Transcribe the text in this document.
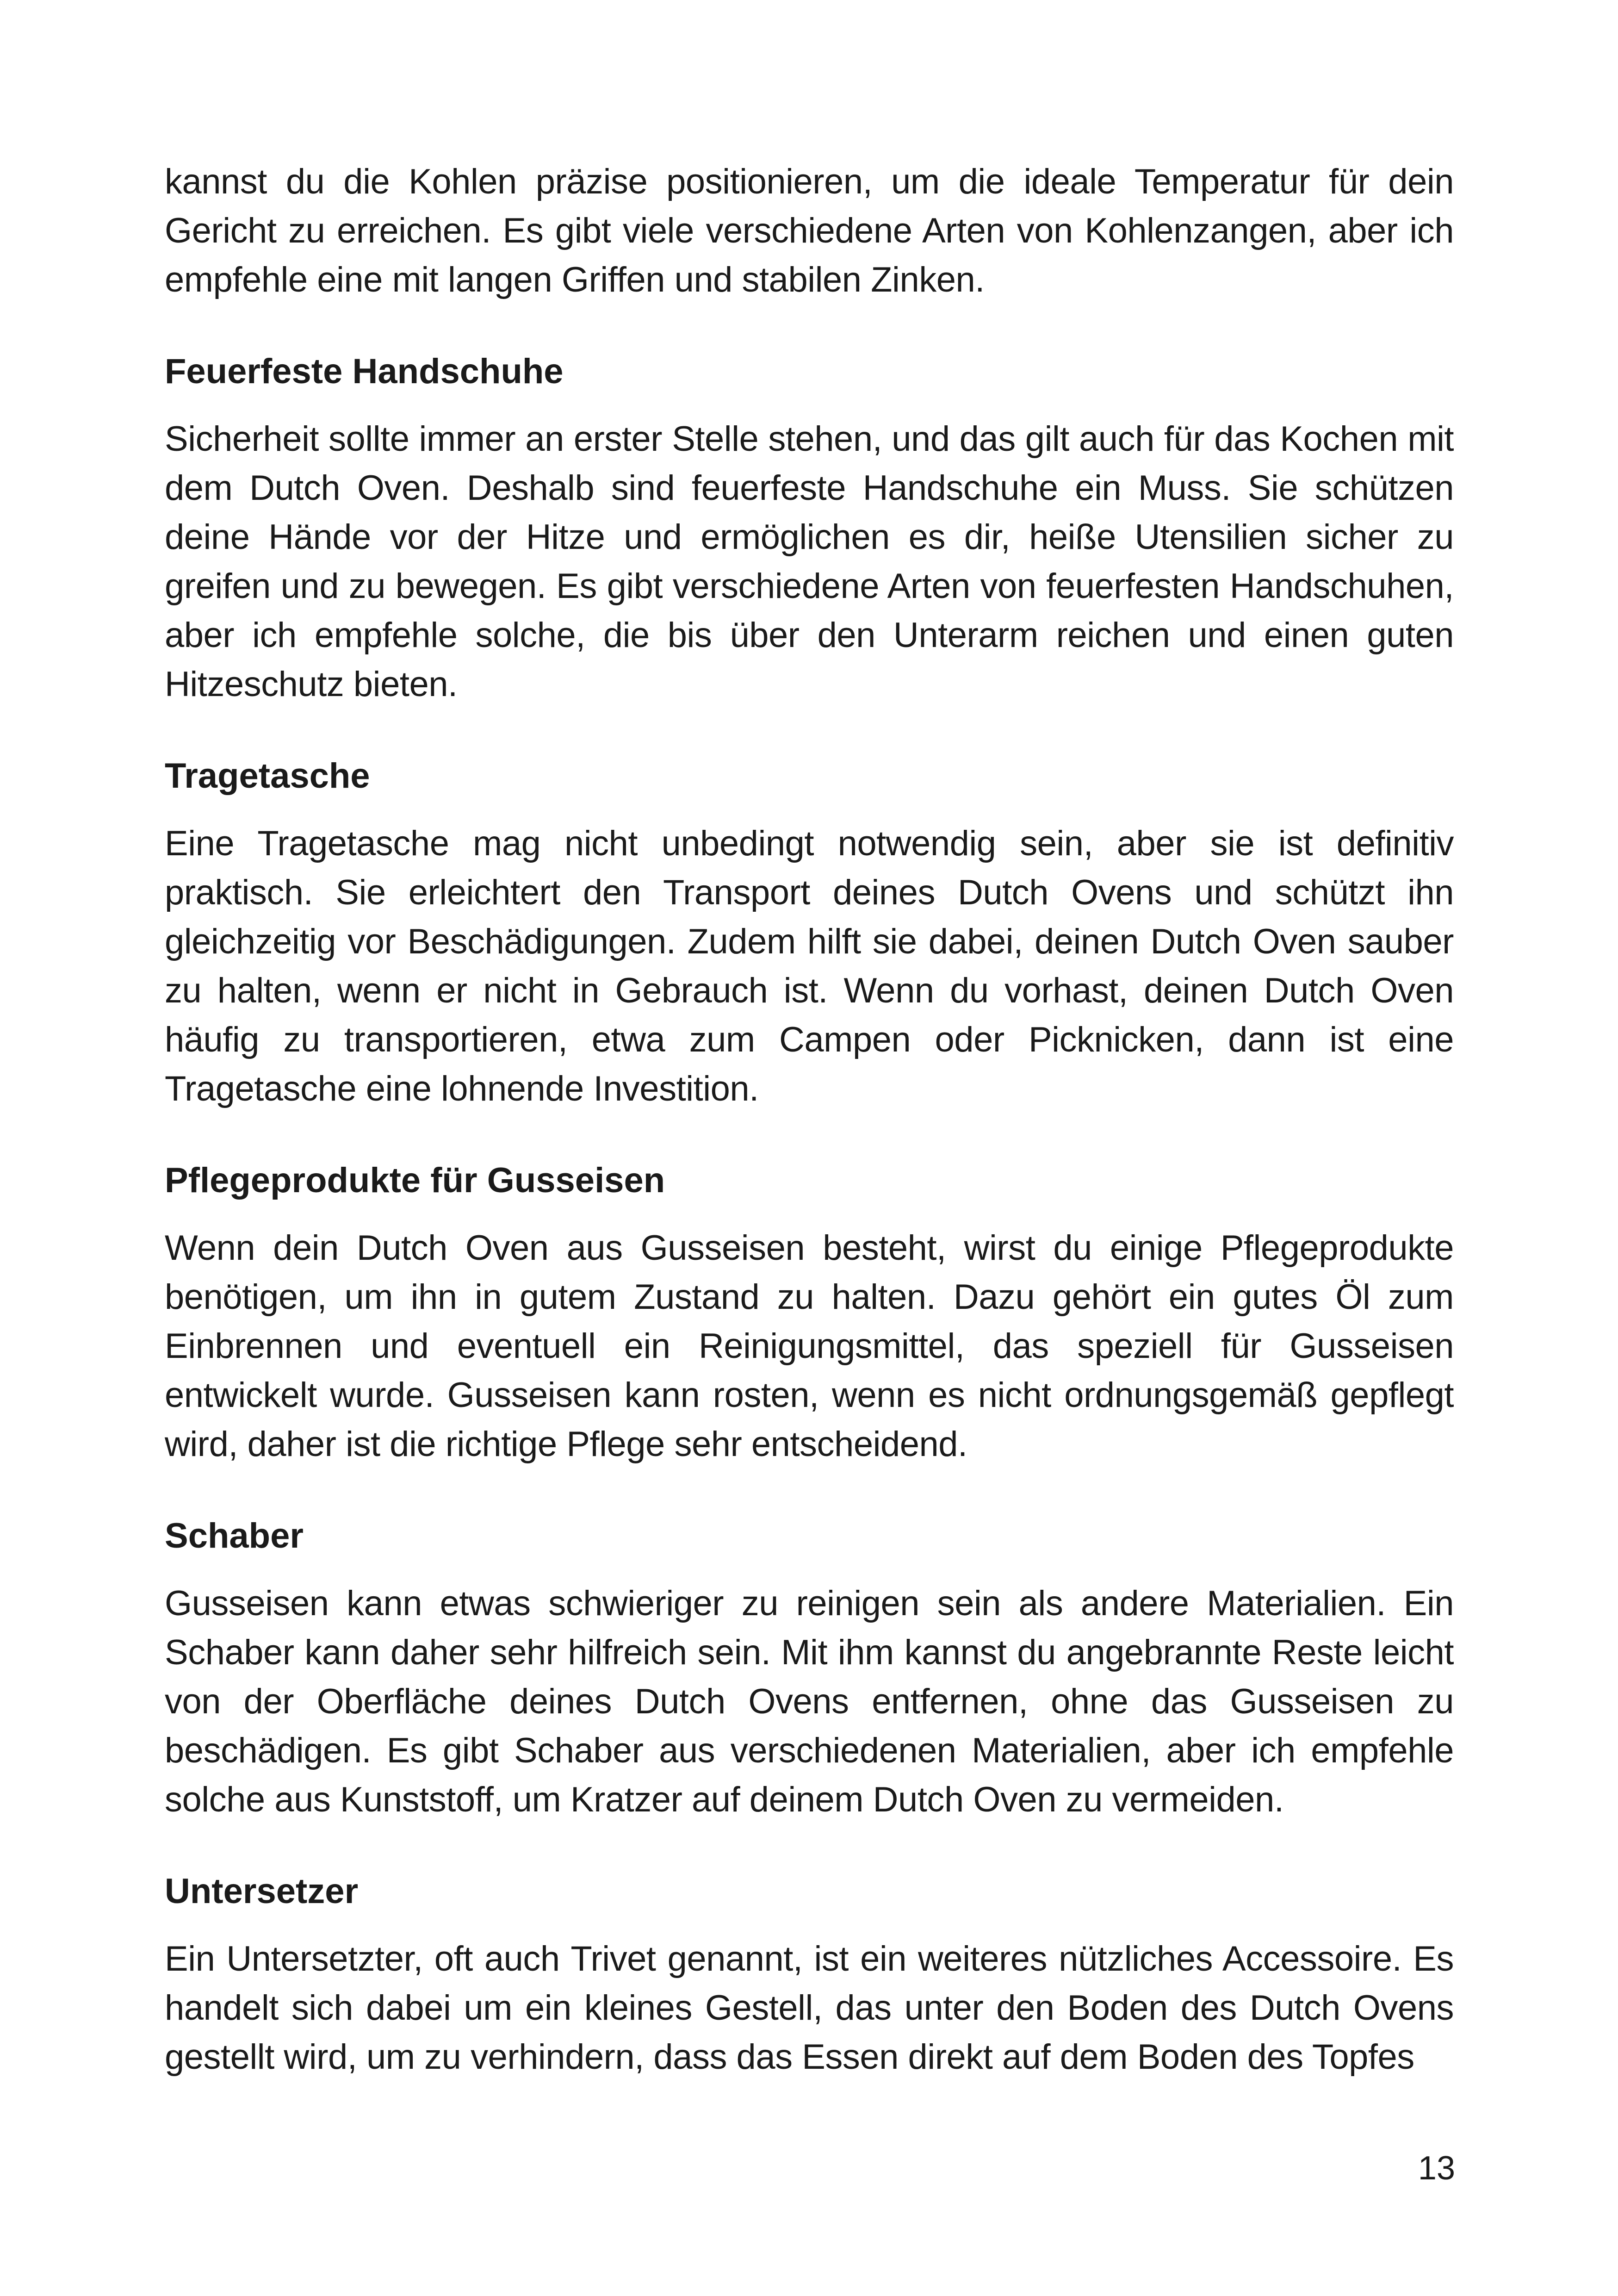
kannst du die Kohlen präzise positionieren, um die ideale Temperatur für dein Gericht zu erreichen. Es gibt viele verschiedene Arten von Kohlenzangen, aber ich empfehle eine mit langen Griffen und stabilen Zinken.

Feuerfeste Handschuhe

Sicherheit sollte immer an erster Stelle stehen, und das gilt auch für das Kochen mit dem Dutch Oven. Deshalb sind feuerfeste Handschuhe ein Muss. Sie schützen deine Hände vor der Hitze und ermöglichen es dir, heiße Utensilien sicher zu greifen und zu bewegen. Es gibt verschiedene Arten von feuerfesten Handschuhen, aber ich empfehle solche, die bis über den Unterarm reichen und einen guten Hitzeschutz bieten.

Tragetasche

Eine Tragetasche mag nicht unbedingt notwendig sein, aber sie ist definitiv praktisch. Sie erleichtert den Transport deines Dutch Ovens und schützt ihn gleichzeitig vor Beschädigungen. Zudem hilft sie dabei, deinen Dutch Oven sauber zu halten, wenn er nicht in Gebrauch ist. Wenn du vorhast, deinen Dutch Oven häufig zu transportieren, etwa zum Campen oder Picknicken, dann ist eine Tragetasche eine lohnende Investition.

Pflegeprodukte für Gusseisen

Wenn dein Dutch Oven aus Gusseisen besteht, wirst du einige Pflegeprodukte benötigen, um ihn in gutem Zustand zu halten. Dazu gehört ein gutes Öl zum Einbrennen und eventuell ein Reinigungsmittel, das speziell für Gusseisen entwickelt wurde. Gusseisen kann rosten, wenn es nicht ordnungsgemäß gepflegt wird, daher ist die richtige Pflege sehr entscheidend.

Schaber

Gusseisen kann etwas schwieriger zu reinigen sein als andere Materialien. Ein Schaber kann daher sehr hilfreich sein. Mit ihm kannst du angebrannte Reste leicht von der Oberfläche deines Dutch Ovens entfernen, ohne das Gusseisen zu beschädigen. Es gibt Schaber aus verschiedenen Materialien, aber ich empfehle solche aus Kunststoff, um Kratzer auf deinem Dutch Oven zu vermeiden.

Untersetzer

Ein Untersetzter, oft auch Trivet genannt, ist ein weiteres nützliches Accessoire. Es handelt sich dabei um ein kleines Gestell, das unter den Boden des Dutch Ovens gestellt wird, um zu verhindern, dass das Essen direkt auf dem Boden des Topfes

13
